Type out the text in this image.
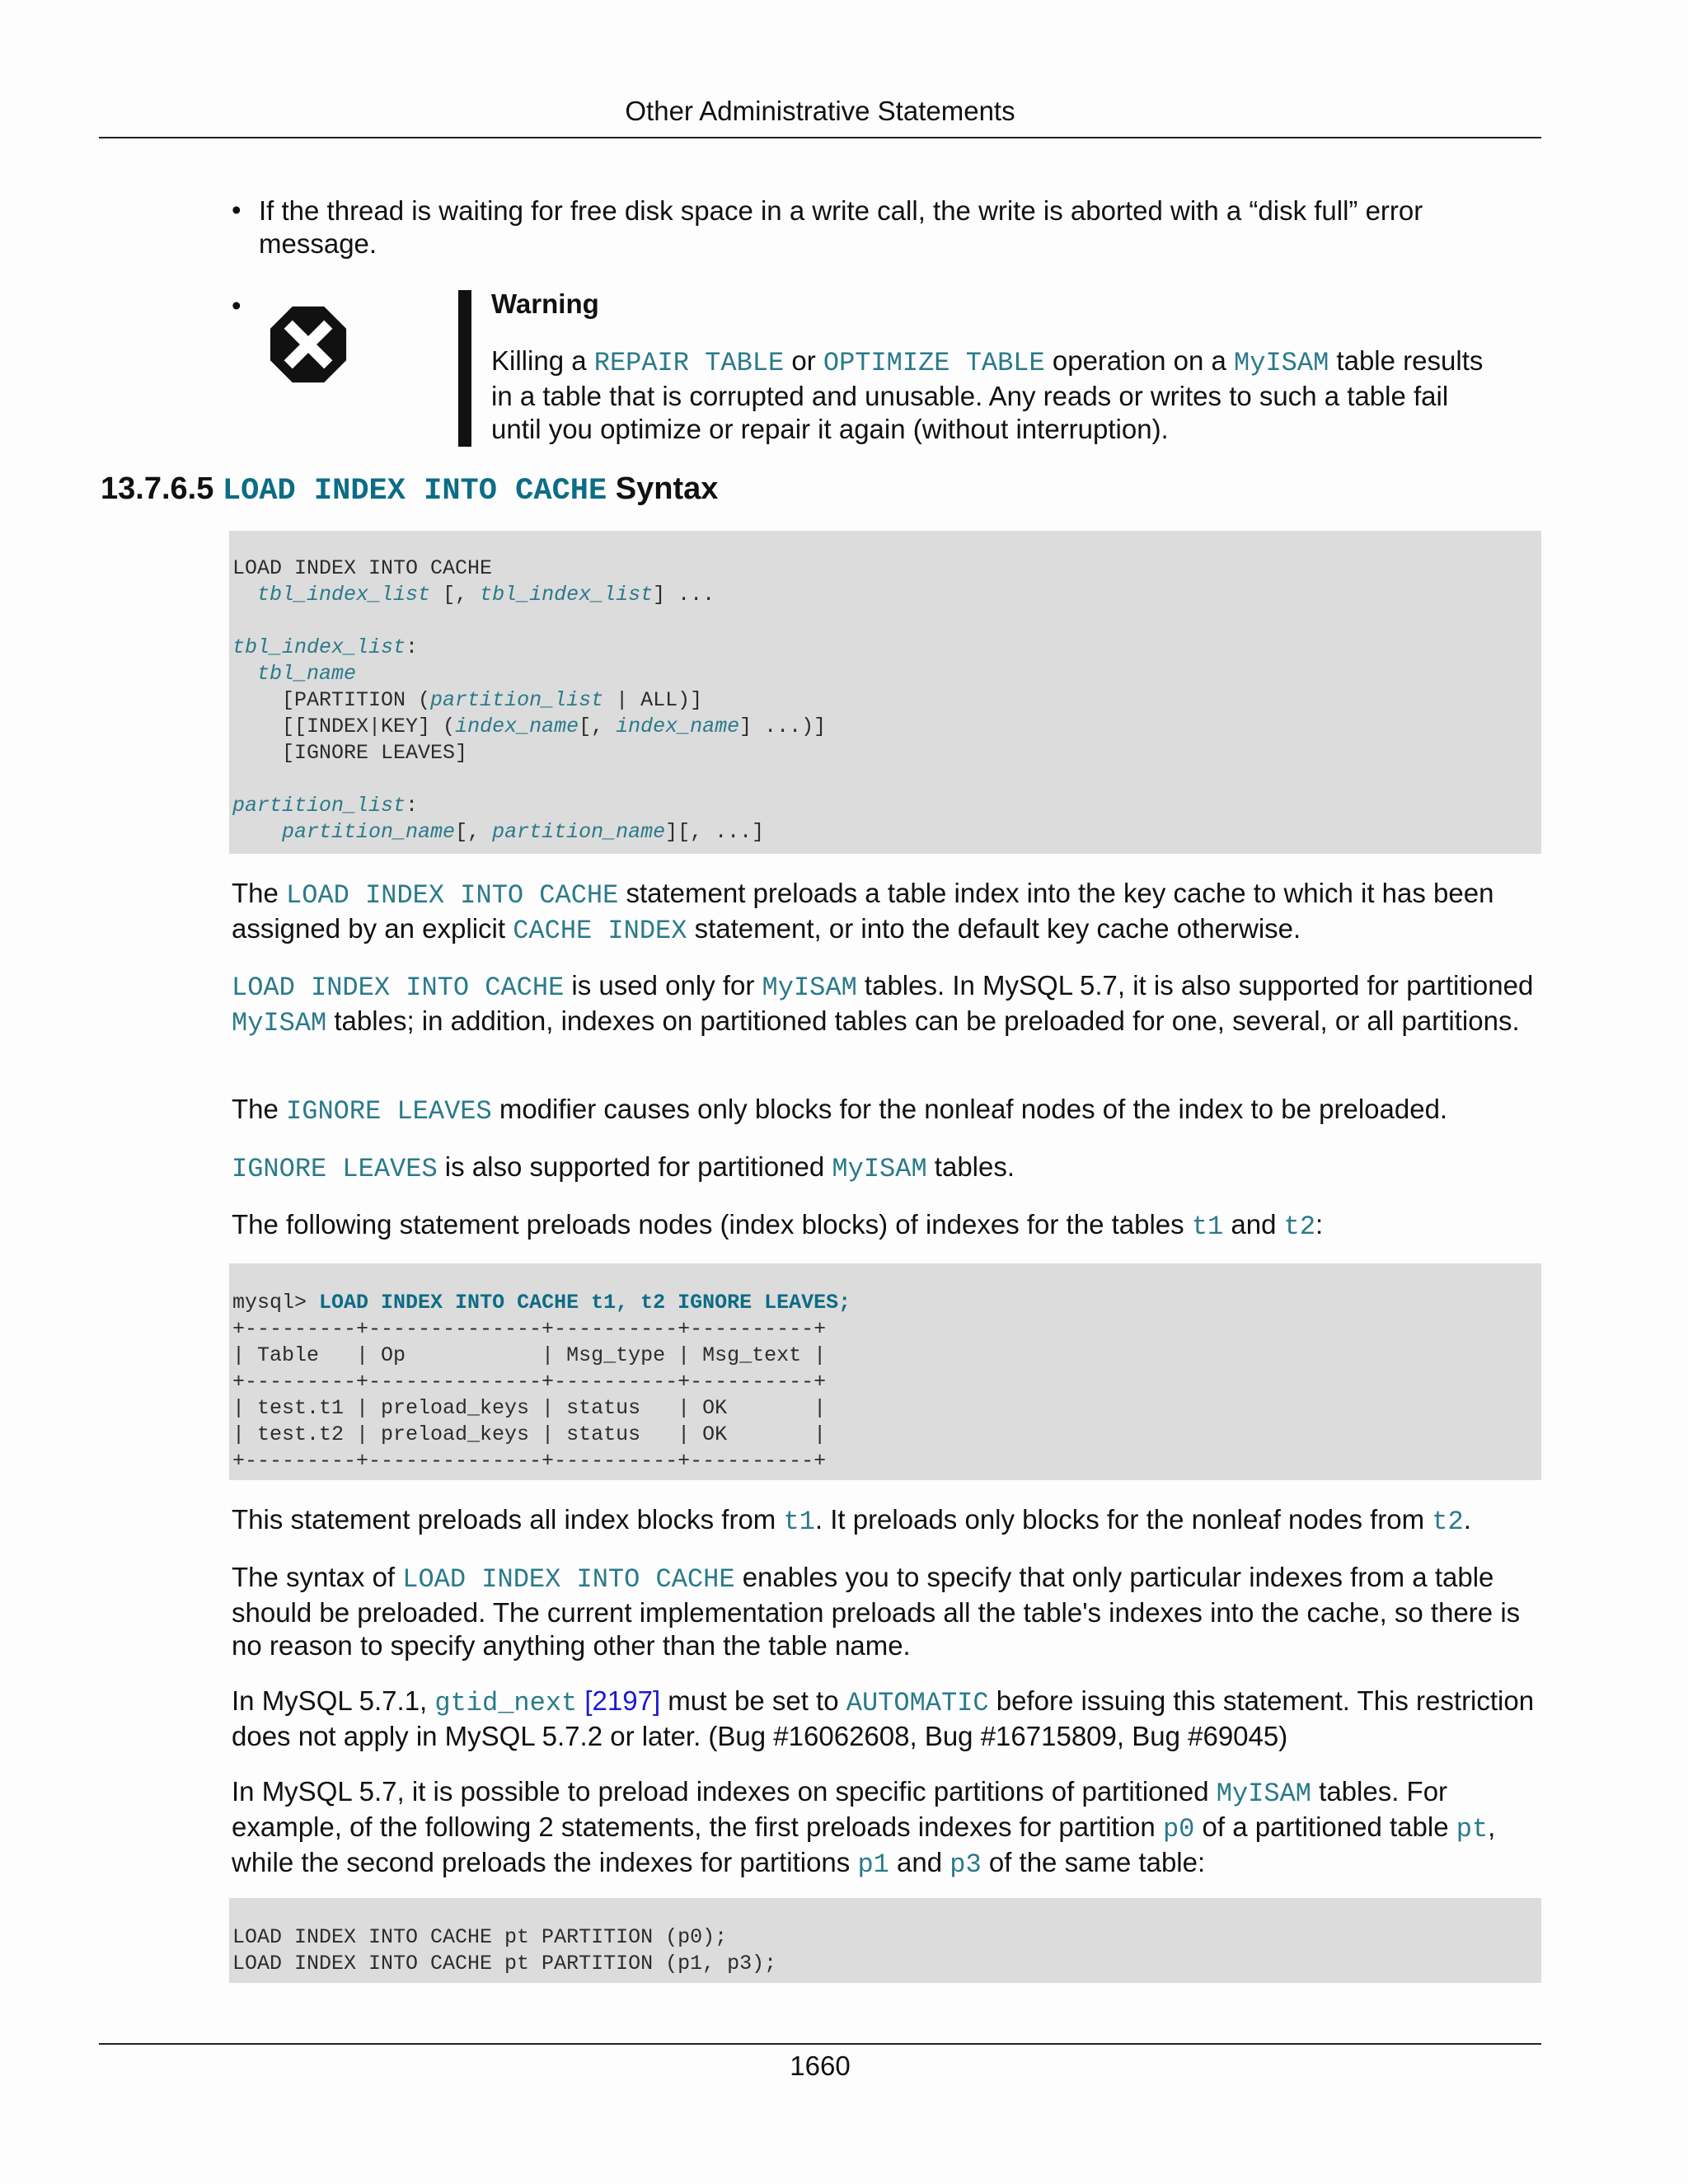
Other Administrative Statements
• If the thread is waiting for free disk space in a write call, the write is aborted with a “disk full” error message.

•	Warning
Killing a REPAIR TABLE or OPTIMIZE TABLE operation on a MyISAM table results in a table that is corrupted and unusable. Any reads or writes to such a table fail until you optimize or repair it again (without interruption).
13.7.6.5 LOAD INDEX INTO CACHE Syntax
LOAD INDEX INTO CACHE
tbl_index_list [, tbl_index_list] ...
tbl_index_list:
tbl_name
[PARTITION (partition_list | ALL)]
[[INDEX|KEY] (index_name[, index_name] ...)]
[IGNORE LEAVES]
partition_list:
partition_name[, partition_name][, ...]

The LOAD INDEX INTO CACHE statement preloads a table index into the key cache to which it has been assigned by an explicit CACHE INDEX statement, or into the default key cache otherwise.

LOAD INDEX INTO CACHE is used only for MyISAM tables. In MySQL 5.7, it is also supported for partitioned MyISAM tables; in addition, indexes on partitioned tables can be preloaded for one, several, or all partitions.

The IGNORE LEAVES modifier causes only blocks for the nonleaf nodes of the index to be preloaded.

IGNORE LEAVES is also supported for partitioned MyISAM tables.

The following statement preloads nodes (index blocks) of indexes for the tables t1 and t2:

mysql> LOAD INDEX INTO CACHE t1, t2 IGNORE LEAVES;
+---------+--------------+----------+----------+
| Table   | Op           | Msg_type | Msg_text |
+---------+--------------+----------+----------+
| test.t1 | preload_keys | status   | OK       |
| test.t2 | preload_keys | status   | OK       |
+---------+--------------+----------+----------+

This statement preloads all index blocks from t1. It preloads only blocks for the nonleaf nodes from t2.

The syntax of LOAD INDEX INTO CACHE enables you to specify that only particular indexes from a table should be preloaded. The current implementation preloads all the table's indexes into the cache, so there is no reason to specify anything other than the table name.

In MySQL 5.7.1, gtid_next [2197] must be set to AUTOMATIC before issuing this statement. This restriction does not apply in MySQL 5.7.2 or later. (Bug #16062608, Bug #16715809, Bug #69045)

In MySQL 5.7, it is possible to preload indexes on specific partitions of partitioned MyISAM tables. For example, of the following 2 statements, the first preloads indexes for partition p0 of a partitioned table pt, while the second preloads the indexes for partitions p1 and p3 of the same table:

LOAD INDEX INTO CACHE pt PARTITION (p0);
LOAD INDEX INTO CACHE pt PARTITION (p1, p3);
1660
